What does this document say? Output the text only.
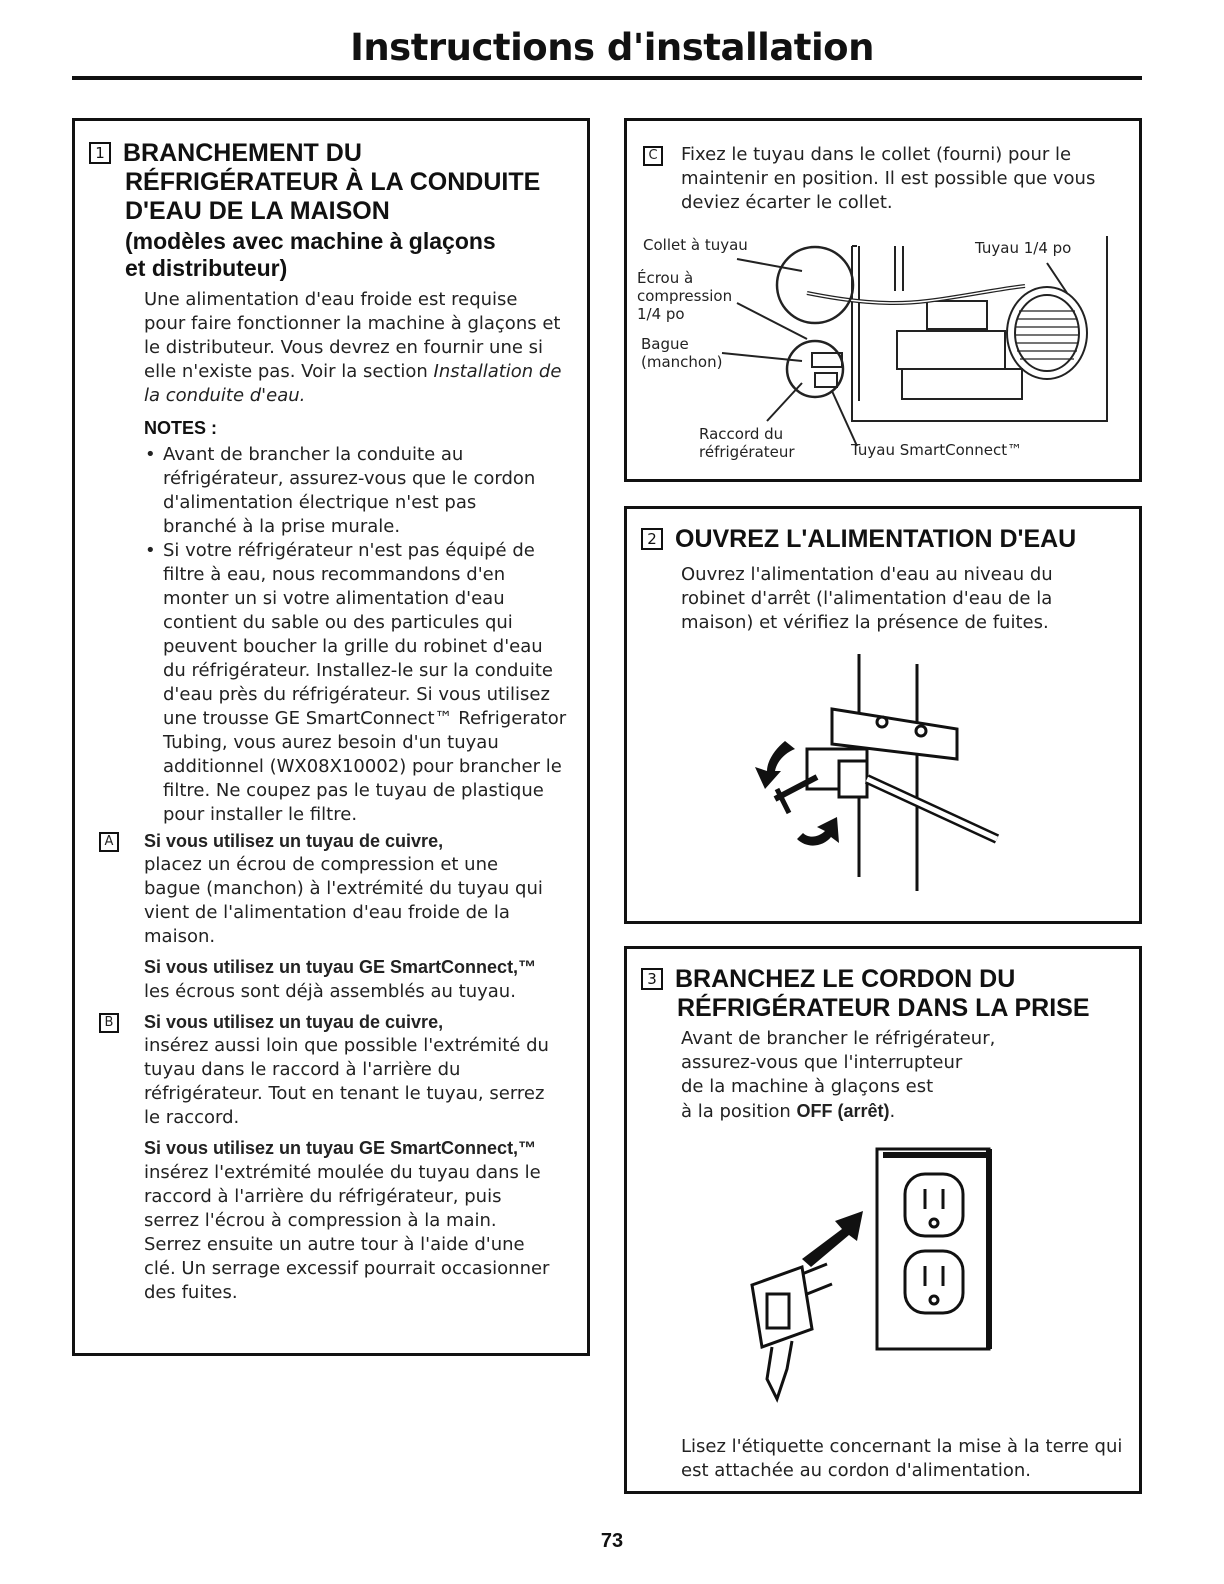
Instructions d'installation
1 BRANCHEMENT DU
RÉFRIGÉRATEUR À LA CONDUITE
D'EAU DE LA MAISON
(modèles avec machine à glaçons
et distributeur)
Une alimentation d'eau froide est requise pour faire fonctionner la machine à glaçons et le distributeur. Vous devrez en fournir une si elle n'existe pas. Voir la section Installation de la conduite d'eau.
NOTES :
• Avant de brancher la conduite au réfrigérateur, assurez-vous que le cordon d'alimentation électrique n'est pas branché à la prise murale.
• Si votre réfrigérateur n'est pas équipé de filtre à eau, nous recommandons d'en monter un si votre alimentation d'eau contient du sable ou des particules qui peuvent boucher la grille du robinet d'eau du réfrigérateur. Installez-le sur la conduite d'eau près du réfrigérateur. Si vous utilisez une trousse GE SmartConnect™ Refrigerator Tubing, vous aurez besoin d'un tuyau additionnel (WX08X10002) pour brancher le filtre. Ne coupez pas le tuyau de plastique pour installer le filtre.
A	Si vous utilisez un tuyau de cuivre,
placez un écrou de compression et une bague (manchon) à l'extrémité du tuyau qui vient de l'alimentation d'eau froide de la maison.
Si vous utilisez un tuyau GE SmartConnect,™ les écrous sont déjà assemblés au tuyau.
B	Si vous utilisez un tuyau de cuivre,
insérez aussi loin que possible l'extrémité du tuyau dans le raccord à l'arrière du réfrigérateur. Tout en tenant le tuyau, serrez le raccord.
Si vous utilisez un tuyau GE SmartConnect,™ insérez l'extrémité moulée du tuyau dans le raccord à l'arrière du réfrigérateur, puis serrez l'écrou à compression à la main. Serrez ensuite un autre tour à l'aide d'une clé. Un serrage excessif pourrait occasionner des fuites.
C	Fixez le tuyau dans le collet (fourni) pour le maintenir en position. Il est possible que vous deviez écarter le collet.
Collet à tuyau	Tuyau 1/4 po
Écrou à
compression
1/4 po
Bague
(manchon)
Raccord du
réfrigérateur	Tuyau SmartConnect™
2 OUVREZ L'ALIMENTATION D'EAU
Ouvrez l'alimentation d'eau au niveau du robinet d'arrêt (l'alimentation d'eau de la maison) et vérifiez la présence de fuites.
3 BRANCHEZ LE CORDON DU
RÉFRIGÉRATEUR DANS LA PRISE
Avant de brancher le réfrigérateur,
assurez-vous que l'interrupteur
de la machine à glaçons est
à la position OFF (arrêt).
Lisez l'étiquette concernant la mise à la terre qui est attachée au cordon d'alimentation.
73
